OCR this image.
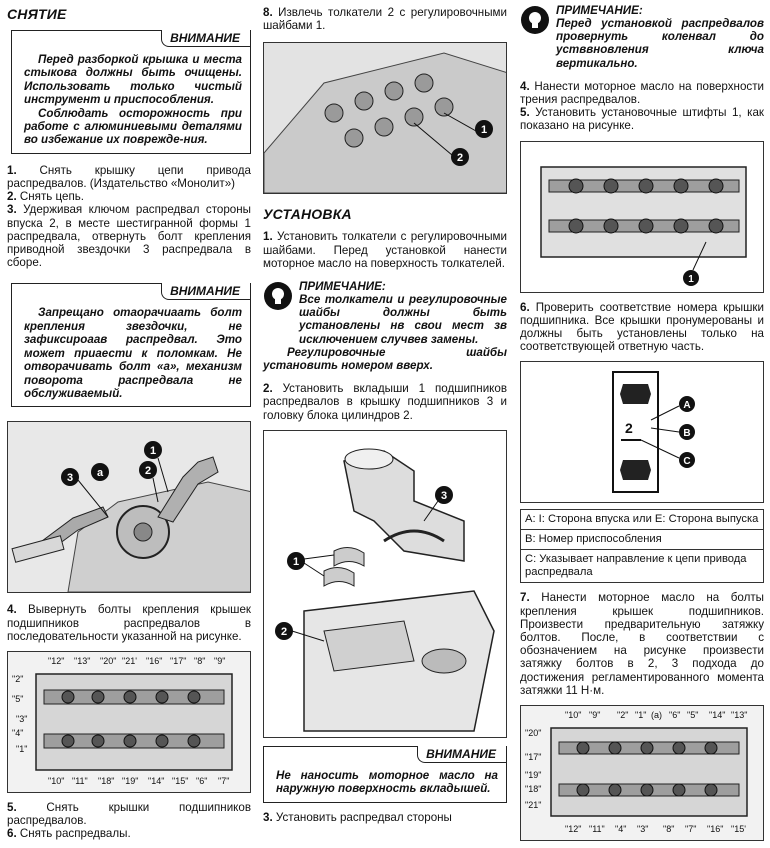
СНЯТИЕ
ВНИМАНИЕ

Перед разборкой крышка и места стыкова должны быть очищены. Использовать только чистый инструмент и приспособления.

Соблюдать осторожность при работе с алюминиевыми деталями во избежание их поврежде-ния.

1. Снять крышку цепи привода распредвалов. (Издательство «Монолит»)

2. Снять цепь.

3. Удерживая ключом распредвал стороны впуска 2, в месте шестигранной формы 1 распредвала, отвернуть болт крепления приводной звездочки 3 распредвала в сборе.

ВНИМАНИЕ

Запрещано отаорачиаать болт крепления звездочки, не зафиксироаав распредвал. Это может приаести к поломкам. Не отворачивать болт «а», механизм поворота распредвала не обслуживаемый.

3 a
1
2

4. Вывернуть болты крепления крышек подшипников распредвалов в последовательности указанной на рисунке.

"12" "13" "20" "21' "16" "17" "8" "9"
"2"
"5"
"3"
"4"
"1"
"10" "11" "18" "19" "14" "15" "6" "7"

5.	Снять крышки подшипников распредвалов.

6. Снять распредвалы.

8. Извлечь толкатели 2 с регулировочными шайбами 1.

1
2
УСТАНОВКА

1. Установить толкатели с регулировочными шайбами. Перед установкой нанести моторное масло на поверхность толкателей.

ПРИМЕЧАНИЕ:

Все толкатели и регулировочные шайбы должны быть установлены нв свои мест зв исключением случвев замены.

Регулировочные шайбы установить номером вверх.

2. Установить вкладыши 1 подшипников распредвалов в крышку подшипников 3 и головку блока цилиндров 2.

3
1
2
ВНИМАНИЕ

Не наносить моторное масло на наружную поверхность вкладышей.

3. Установить распредвал стороны

ПРИМЕЧАНИЕ:

Перед установкой распредвалов провернуть коленвал до устввновления ключа вертикально.

4. Нанести моторное масло на поверхности трения распредвалов.

5. Установить установочные штифты 1, как показано на рисунке.

1

6. Проверить соответствие номера крышки подшипника. Все крышки пронумерованы и должны быть установлены только на соответствующей ответную часть.

2
A
B
C
A: I: Сторона впуска или E: Сторона выпуска
B: Номер приспособления
C: Указывает направление к цепи привода распредвала

7. Нанести моторное масло на болты крепления крышек подшипников. Произвести предварительную затяжку болтов. После, в соответствии с обозначением на рисунке произвести затяжку болтов в 2, 3 подхода до достижения регламентированного момента затяжки 11 Н·м.

"10" "9" "2" "1" (a) "6" "5" "14" "13"
"20"
"17"
"19"
"18"
"21"
"12" "11" "4" "3" "8" "7" "16" "15'
